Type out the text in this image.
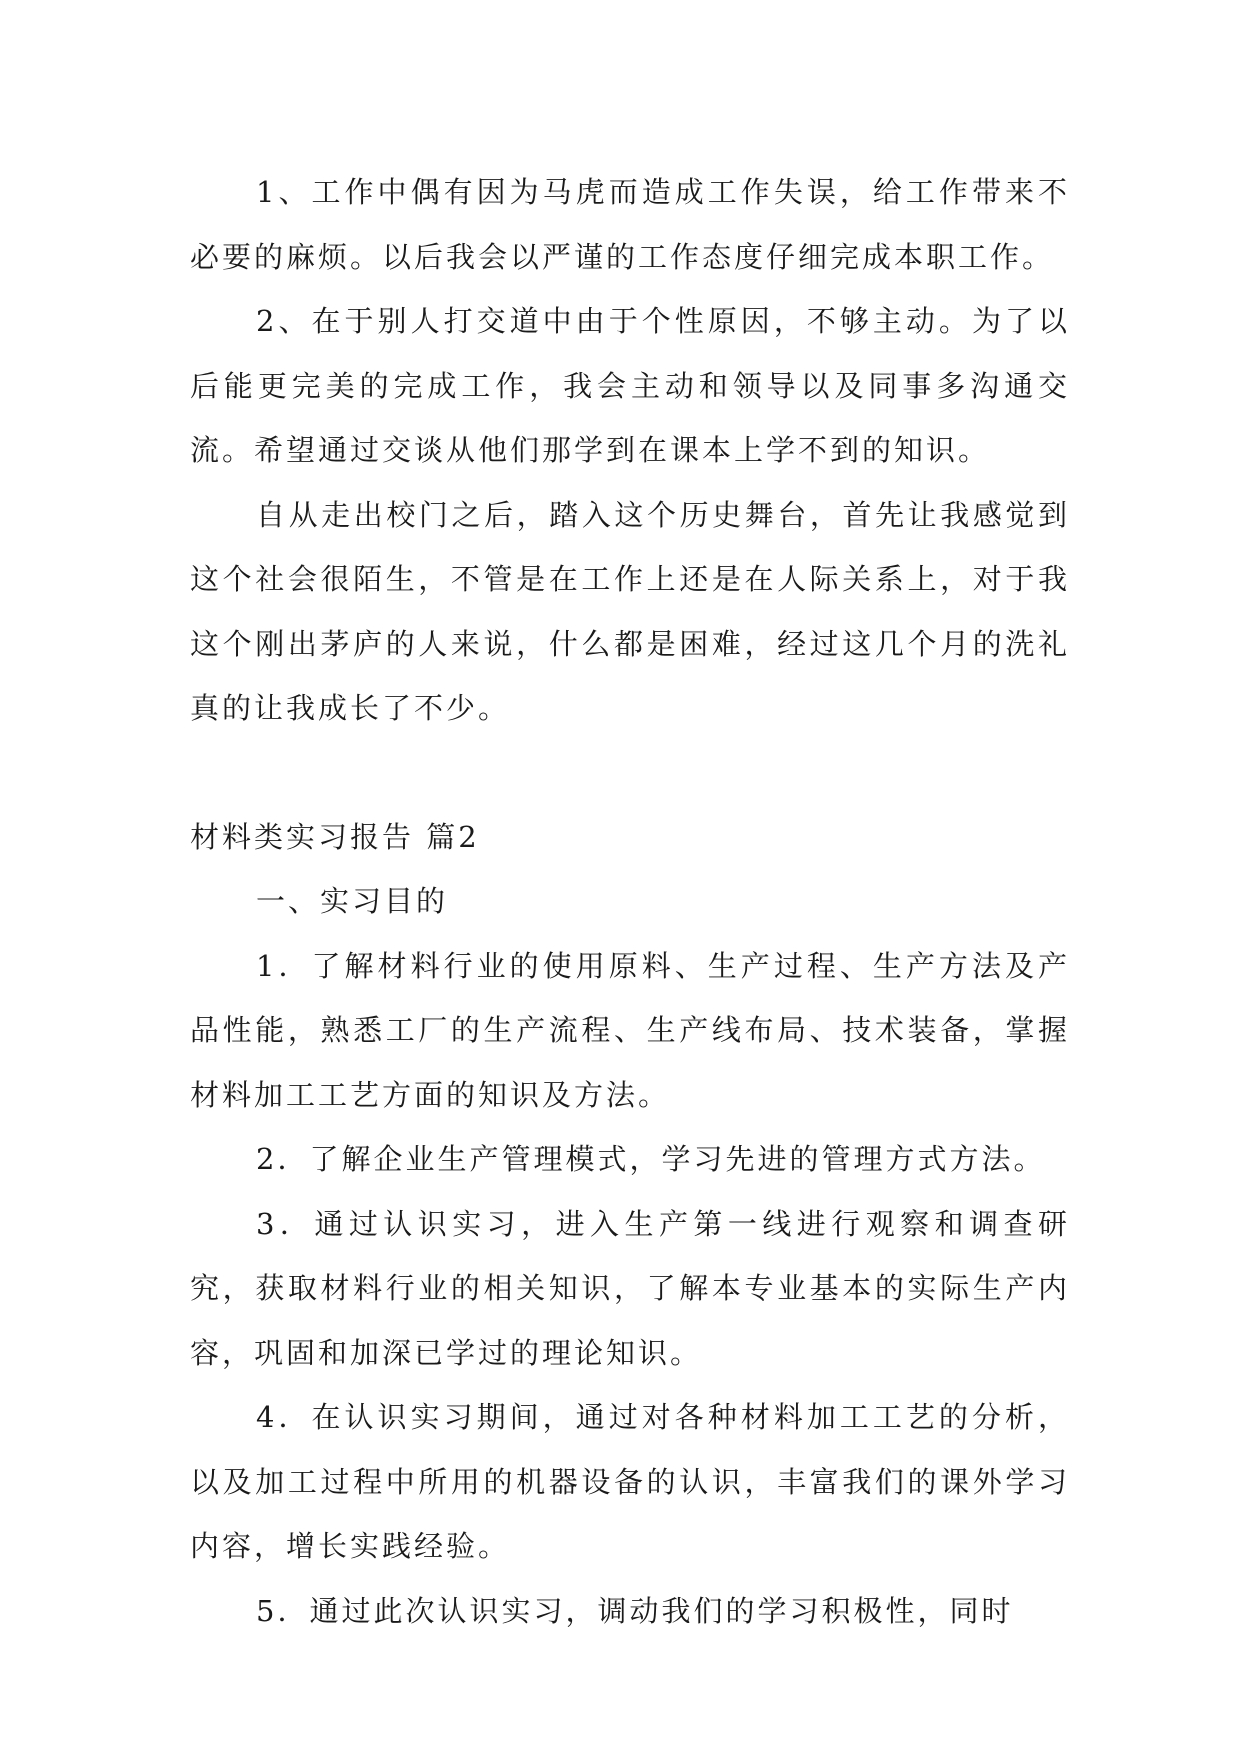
1、工作中偶有因为马虎而造成工作失误，给工作带来不必要的麻烦。以后我会以严谨的工作态度仔细完成本职工作。

2、在于别人打交道中由于个性原因，不够主动。为了以后能更完美的完成工作，我会主动和领导以及同事多沟通交流。希望通过交谈从他们那学到在课本上学不到的知识。

自从走出校门之后，踏入这个历史舞台，首先让我感觉到这个社会很陌生，不管是在工作上还是在人际关系上，对于我这个刚出茅庐的人来说，什么都是困难，经过这几个月的洗礼真的让我成长了不少。

材料类实习报告 篇2

一、实习目的

1．了解材料行业的使用原料、生产过程、生产方法及产品性能，熟悉工厂的生产流程、生产线布局、技术装备，掌握材料加工工艺方面的知识及方法。

2．了解企业生产管理模式，学习先进的管理方式方法。

3．通过认识实习，进入生产第一线进行观察和调查研究，获取材料行业的相关知识，了解本专业基本的实际生产内容，巩固和加深已学过的理论知识。

4．在认识实习期间，通过对各种材料加工工艺的分析，以及加工过程中所用的机器设备的认识，丰富我们的课外学习内容，增长实践经验。

5．通过此次认识实习，调动我们的学习积极性，同时
